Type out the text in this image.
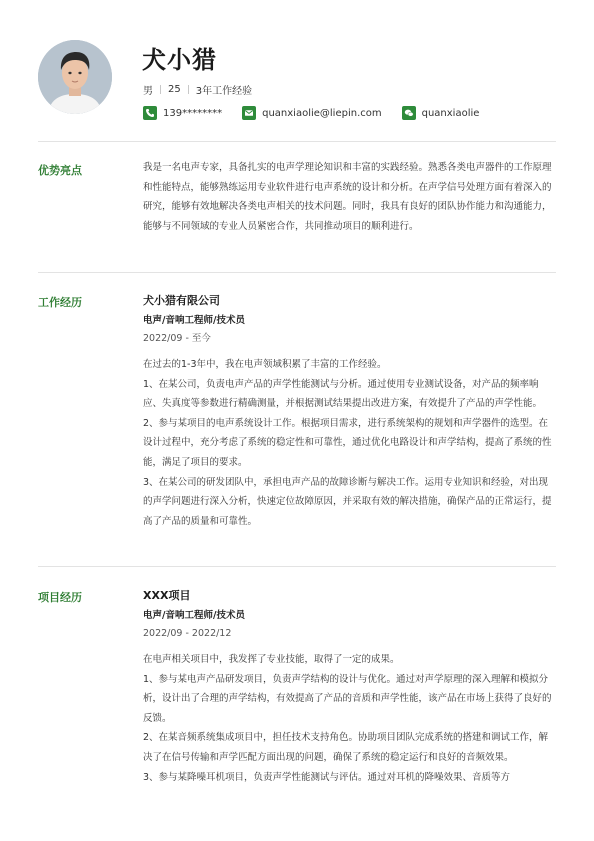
犬小猎
男 25 3年工作经验
139********	quanxiaolie@liepin.com	quanxiaolie
优势亮点	我是一名电声专家，具备扎实的电声学理论知识和丰富的实践经验。熟悉各类电声器件的工作原理和性能特点，能够熟练运用专业软件进行电声系统的设计和分析。在声学信号处理方面有着深入的研究，能够有效地解决各类电声相关的技术问题。同时，我具有良好的团队协作能力和沟通能力，能够与不同领域的专业人员紧密合作，共同推动项目的顺利进行。
工作经历	犬小猎有限公司
电声/音响工程师/技术员
2022/09 - 至今

在过去的1-3年中，我在电声领域积累了丰富的工作经验。

1、在某公司，负责电声产品的声学性能测试与分析。通过使用专业测试设备，对产品的频率响应、失真度等参数进行精确测量，并根据测试结果提出改进方案，有效提升了产品的声学性能。

2、参与某项目的电声系统设计工作。根据项目需求，进行系统架构的规划和声学器件的选型。在设计过程中，充分考虑了系统的稳定性和可靠性，通过优化电路设计和声学结构，提高了系统的性能，满足了项目的要求。

3、在某公司的研发团队中，承担电声产品的故障诊断与解决工作。运用专业知识和经验，对出现的声学问题进行深入分析，快速定位故障原因，并采取有效的解决措施，确保产品的正常运行，提高了产品的质量和可靠性。

项目经历	XXX项目
电声/音响工程师/技术员
2022/09 - 2022/12

在电声相关项目中，我发挥了专业技能，取得了一定的成果。

1、参与某电声产品研发项目，负责声学结构的设计与优化。通过对声学原理的深入理解和模拟分析，设计出了合理的声学结构，有效提高了产品的音质和声学性能，该产品在市场上获得了良好的反馈。

2、在某音频系统集成项目中，担任技术支持角色。协助项目团队完成系统的搭建和调试工作，解决了在信号传输和声学匹配方面出现的问题，确保了系统的稳定运行和良好的音频效果。

3、参与某降噪耳机项目，负责声学性能测试与评估。通过对耳机的降噪效果、音质等方
